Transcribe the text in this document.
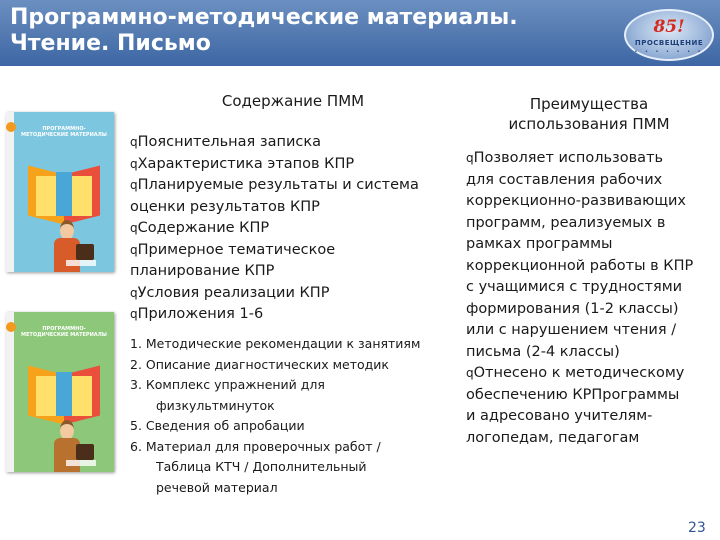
Программно-методические материалы.
Чтение. Письмо
85!
ПРОСВЕЩЕНИЕ
• • • • • • •
ПРОГРАММНО-МЕТОДИЧЕСКИЕ МАТЕРИАЛЫ
ПРОГРАММНО-МЕТОДИЧЕСКИЕ МАТЕРИАЛЫ
Содержание ПММ
qПояснительная записка
qХарактеристика этапов КПР
qПланируемые результаты и система
оценки результатов КПР
qСодержание КПР
qПримерное тематическое
планирование КПР
qУсловия реализации КПР
qПриложения 1-6
1. Методические рекомендации к занятиям
2. Описание диагностических методик
3. Комплекс упражнений для
физкультминуток
5. Сведения об апробации
6. Материал для проверочных работ /
Таблица КТЧ / Дополнительный
речевой материал
Преимущества
использования ПММ
qПозволяет использовать
для составления рабочих
коррекционно-развивающих
программ, реализуемых в
рамках программы
коррекционной работы в КПР
с учащимися с трудностями
формирования (1-2 классы)
или с нарушением чтения /
письма (2-4 классы)
qОтнесено к методическому
обеспечению КРПрограммы
и адресовано учителям-
логопедам, педагогам
23
